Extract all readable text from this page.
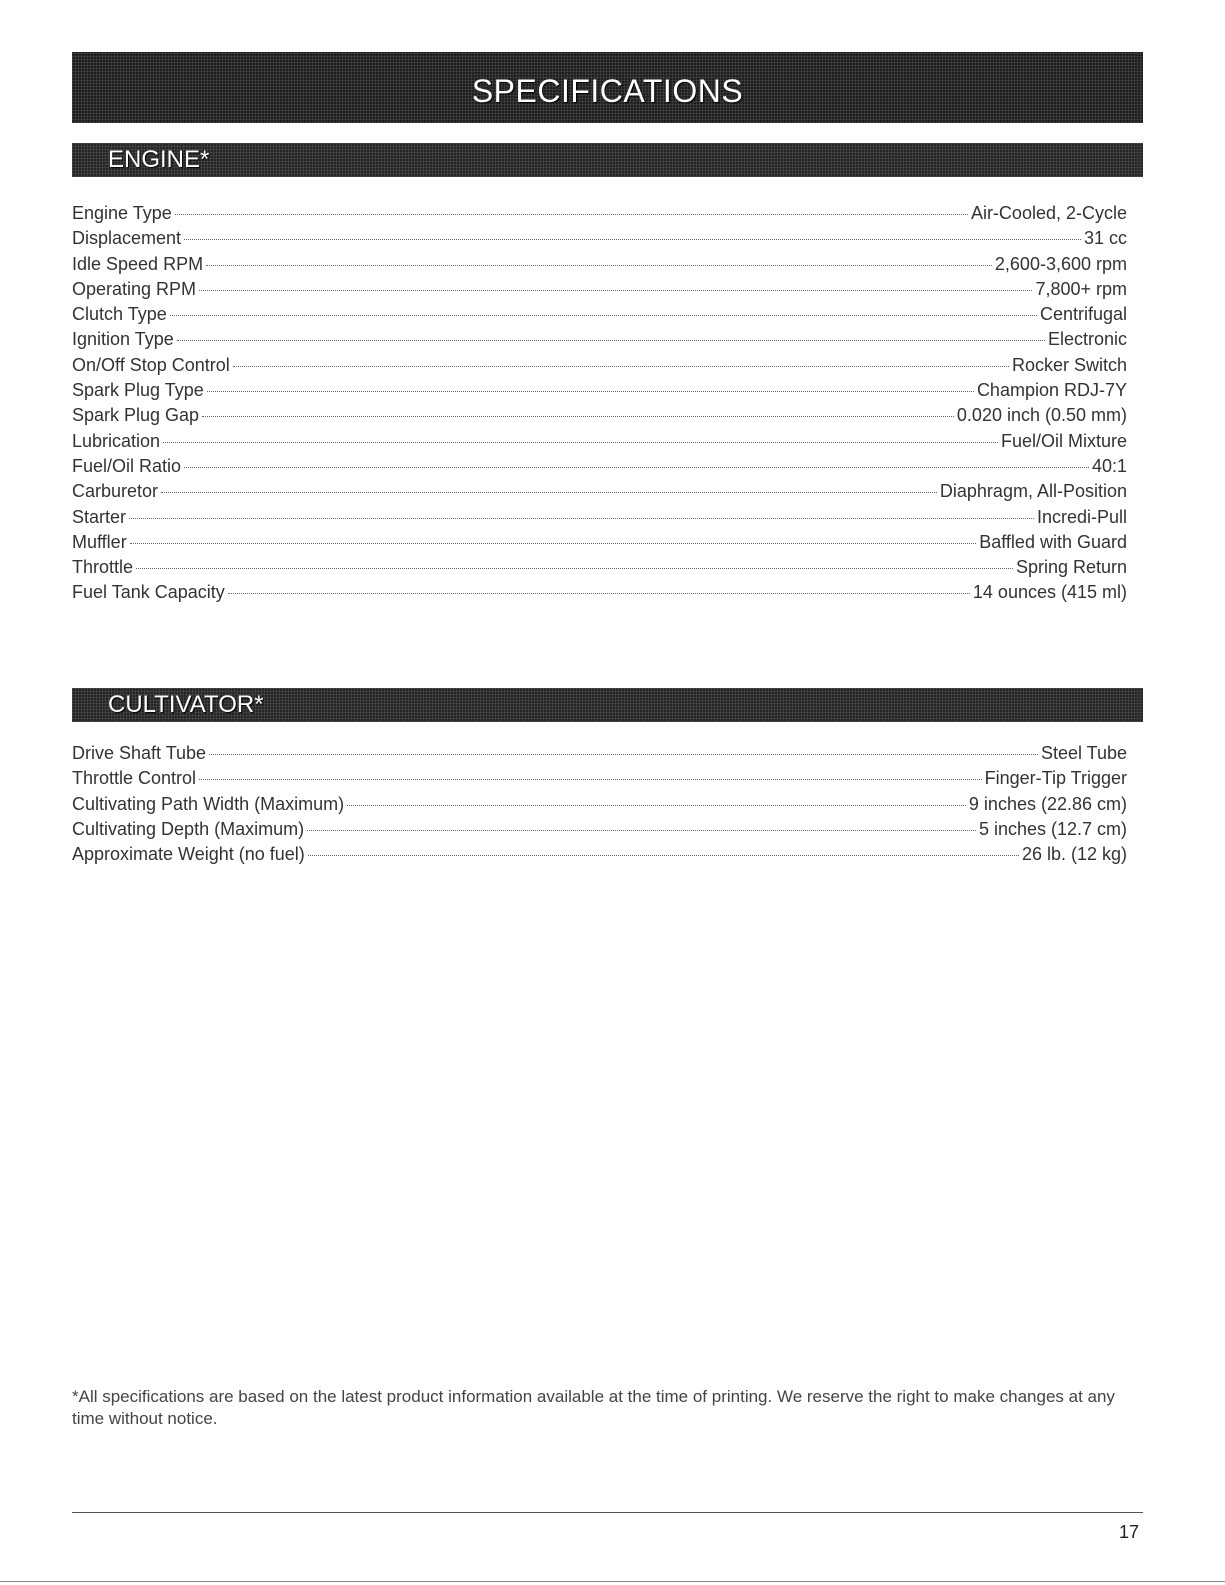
SPECIFICATIONS
ENGINE*
Engine Type	Air-Cooled, 2-Cycle
Displacement	31 cc
Idle Speed RPM	2,600-3,600 rpm
Operating RPM	7,800+ rpm
Clutch Type	Centrifugal
Ignition Type	Electronic
On/Off Stop Control	Rocker Switch
Spark Plug Type	Champion RDJ-7Y
Spark Plug Gap	0.020 inch (0.50 mm)
Lubrication	Fuel/Oil Mixture
Fuel/Oil Ratio	40:1
Carburetor	Diaphragm, All-Position
Starter	Incredi-Pull
Muffler	Baffled with Guard
Throttle	Spring Return
Fuel Tank Capacity	14 ounces (415 ml)
CULTIVATOR*
Drive Shaft Tube	Steel Tube
Throttle Control	Finger-Tip Trigger
Cultivating Path Width (Maximum)	9 inches (22.86 cm)
Cultivating Depth (Maximum)	5 inches (12.7 cm)
Approximate Weight (no fuel)	26 lb. (12 kg)
*All specifications are based on the latest product information available at the time of printing. We reserve the right to make changes at any time without notice.
17
